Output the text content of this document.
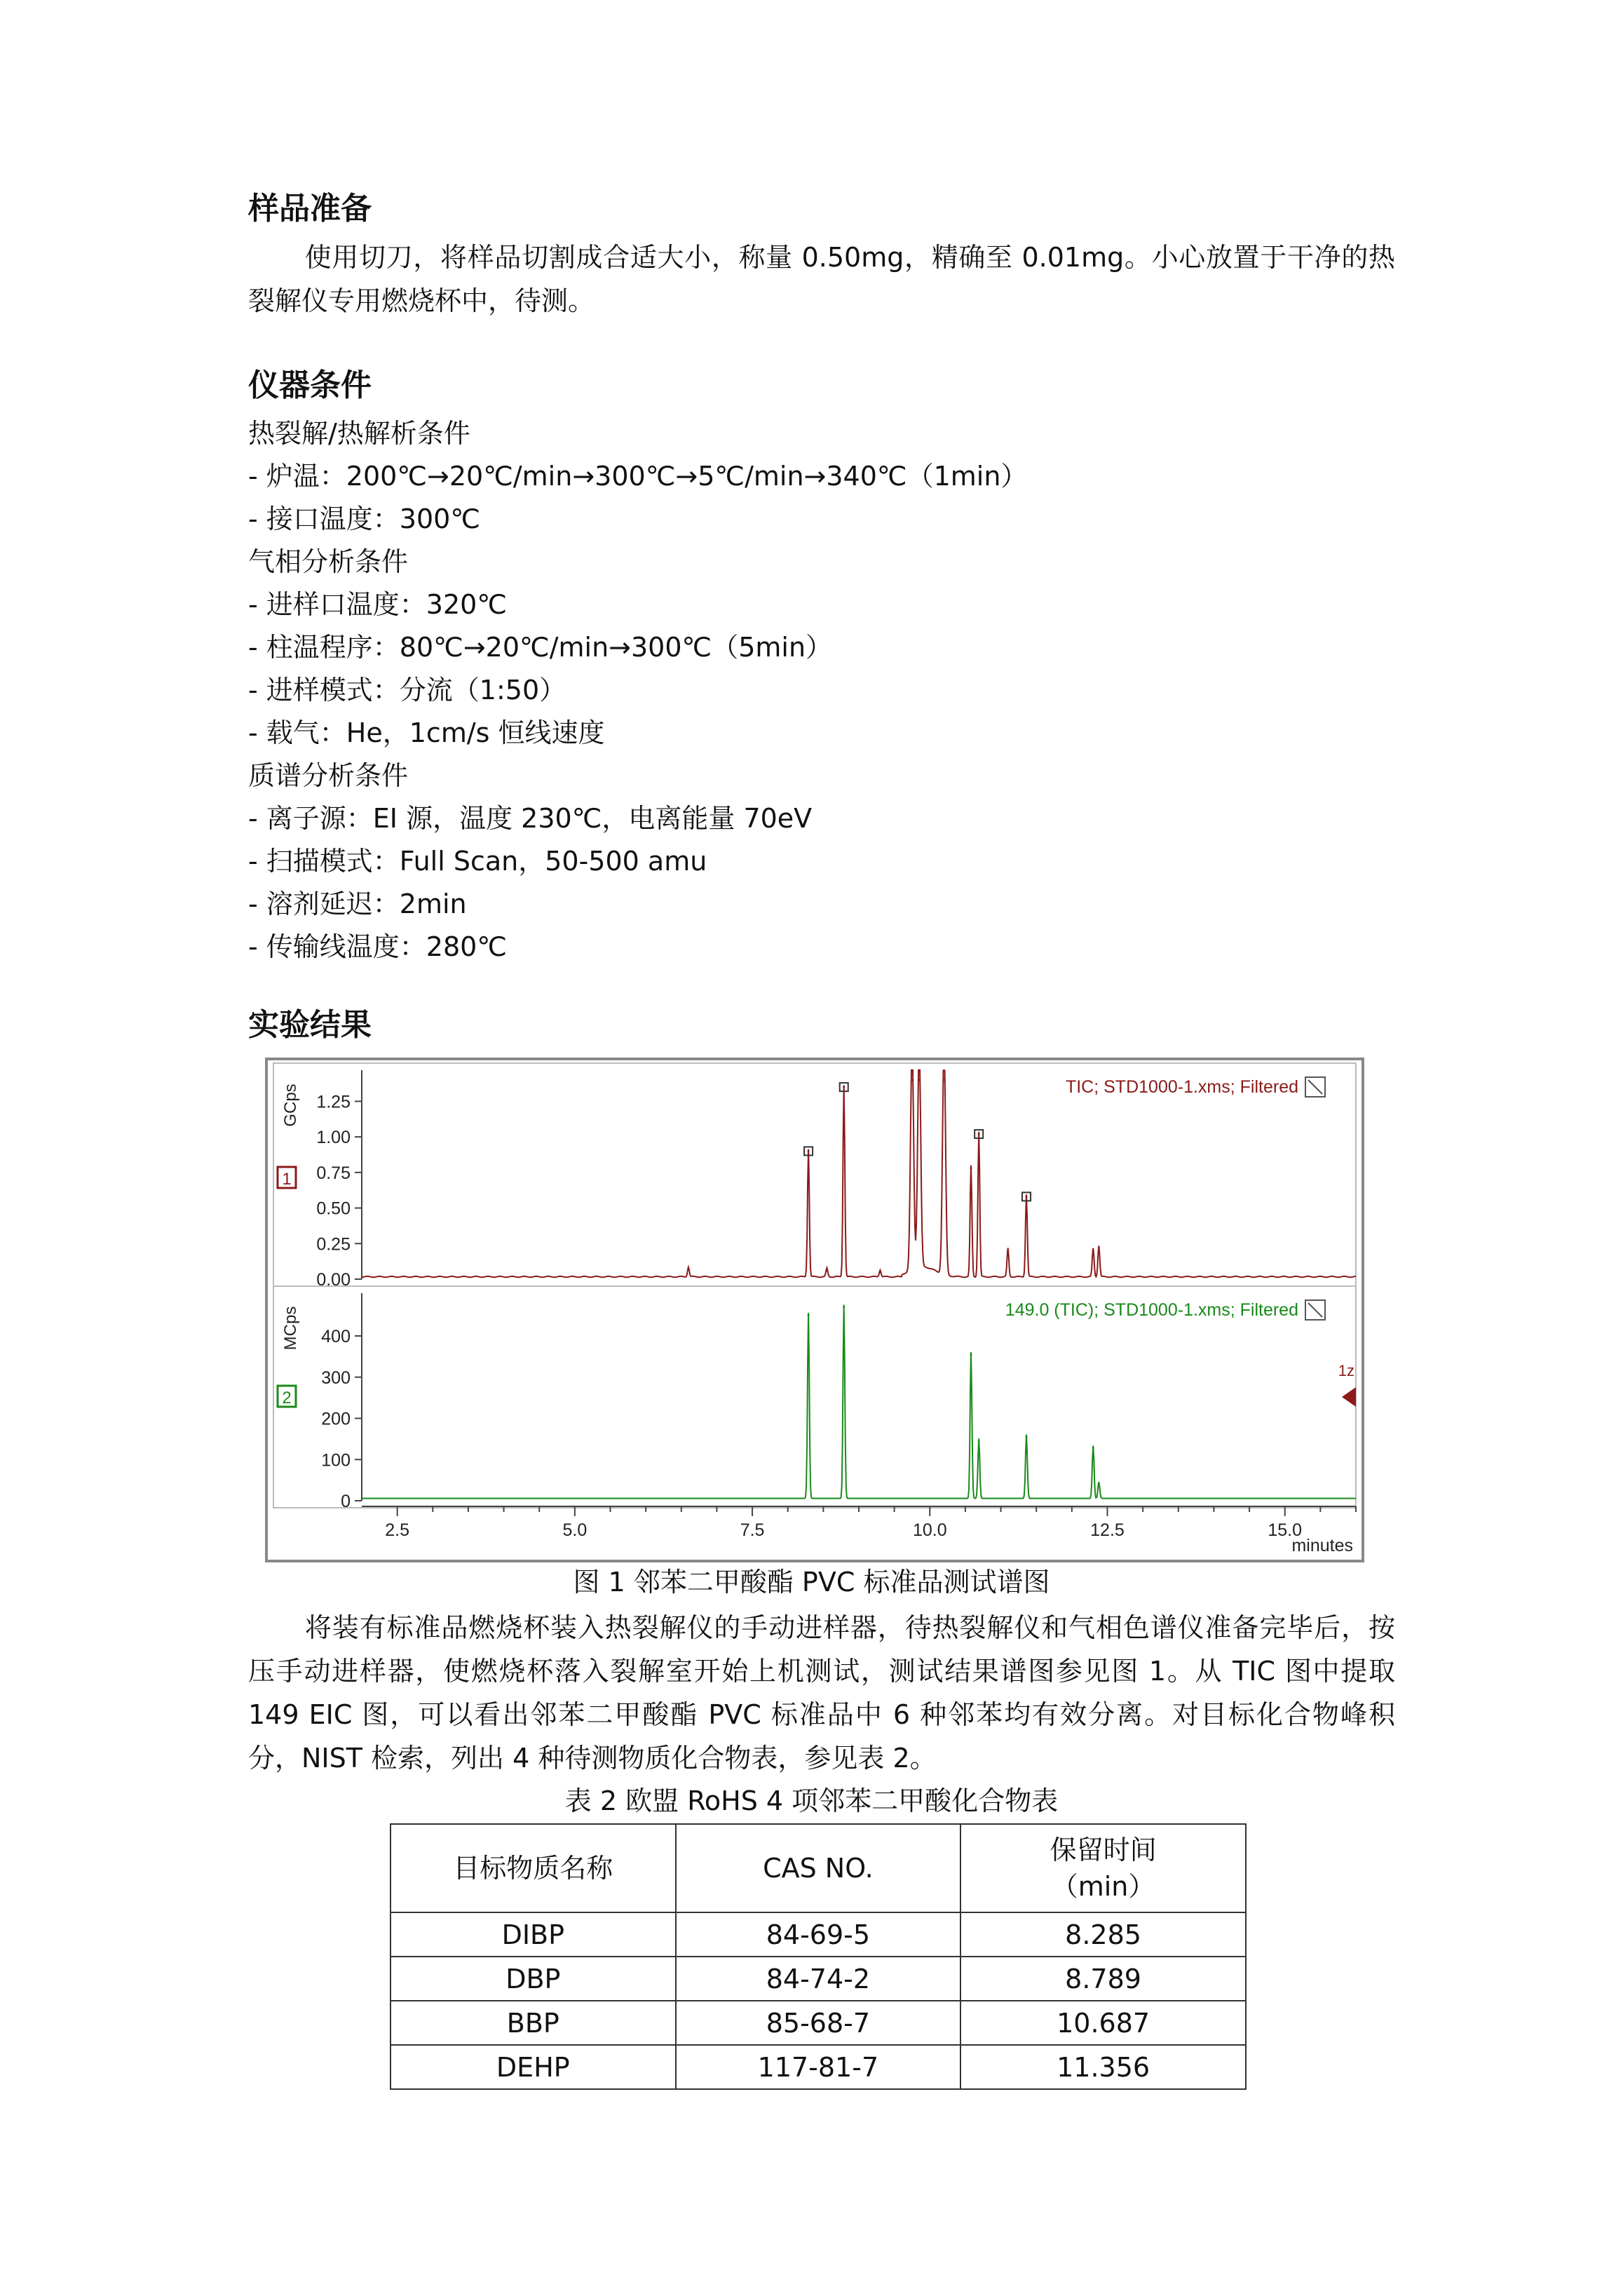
样品准备
使用切刀，将样品切割成合适大小，称量 0.50mg，精确至 0.01mg。小心放置于干净的热裂解仪专用燃烧杯中，待测。
仪器条件
热裂解/热解析条件
- 炉温：200℃→20℃/min→300℃→5℃/min→340℃（1min）
- 接口温度：300℃
气相分析条件
- 进样口温度：320℃
- 柱温程序：80℃→20℃/min→300℃（5min）
- 进样模式：分流（1:50）
- 载气：He，1cm/s 恒线速度
质谱分析条件
- 离子源：EI 源，温度 230℃，电离能量 70eV
- 扫描模式：Full Scan，50-500 amu
- 溶剂延迟：2min
- 传输线温度：280℃
实验结果
0.00
0.25
0.50
0.75
1.00
1.25
GCps
1
TIC; STD1000-1.xms; Filtered
0
100
200
300
400
MCps
2
149.0 (TIC); STD1000-1.xms; Filtered
1z
2.5	5.0	7.5	10.0	12.5	15.0
minutes
图 1 邻苯二甲酸酯 PVC 标准品测试谱图
将装有标准品燃烧杯装入热裂解仪的手动进样器，待热裂解仪和气相色谱仪准备完毕后，按压手动进样器，使燃烧杯落入裂解室开始上机测试，测试结果谱图参见图 1。从 TIC 图中提取 149 EIC 图，可以看出邻苯二甲酸酯 PVC 标准品中 6 种邻苯均有效分离。对目标化合物峰积分，NIST 检索，列出 4 种待测物质化合物表，参见表 2。
表 2 欧盟 RoHS 4 项邻苯二甲酸化合物表
目标物质名称	CAS NO.	保留时间
（min）
DIBP	84-69-5	8.285
DBP	84-74-2	8.789
BBP	85-68-7	10.687
DEHP	117-81-7	11.356
